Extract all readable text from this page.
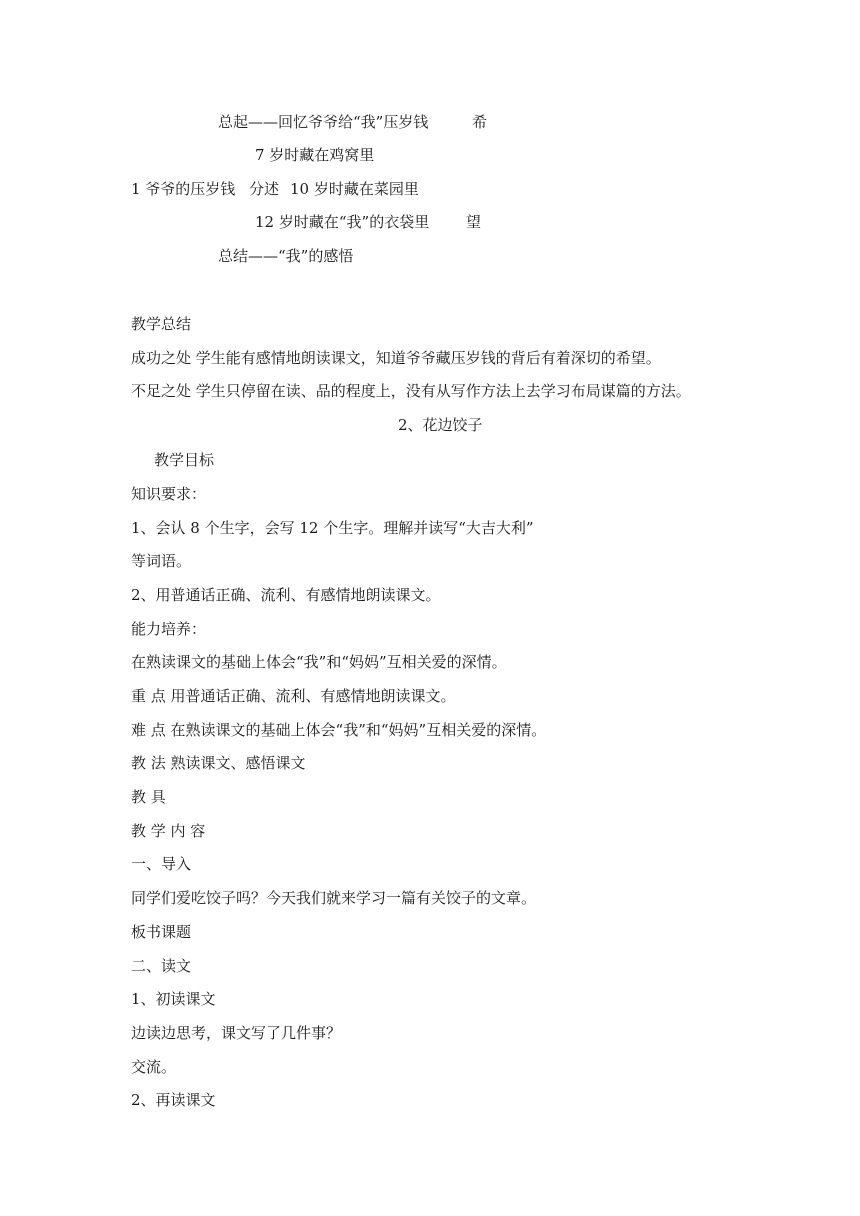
总起——回忆爷爷给“我”压岁钱	希
7 岁时藏在鸡窝里
1 爷爷的压岁钱 分述 10 岁时藏在菜园里
12 岁时藏在“我”的衣袋里 望
总结——“我”的感悟
教学总结
成功之处 学生能有感情地朗读课文，知道爷爷藏压岁钱的背后有着深切的希望。
不足之处 学生只停留在读、品的程度上，没有从写作方法上去学习布局谋篇的方法。
2、花边饺子
教学目标
知识要求：
1、会认 8 个生字，会写 12 个生字。理解并读写“大吉大利”
等词语。
2、用普通话正确、流利、有感情地朗读课文。
能力培养：
在熟读课文的基础上体会“我”和“妈妈”互相关爱的深情。
重 点 用普通话正确、流利、有感情地朗读课文。
难 点 在熟读课文的基础上体会“我”和“妈妈”互相关爱的深情。
教 法 熟读课文、感悟课文
教 具
教 学 内 容
一、导入
同学们爱吃饺子吗？今天我们就来学习一篇有关饺子的文章。
板书课题
二、读文
1、初读课文
边读边思考，课文写了几件事？
交流。
2、再读课文
